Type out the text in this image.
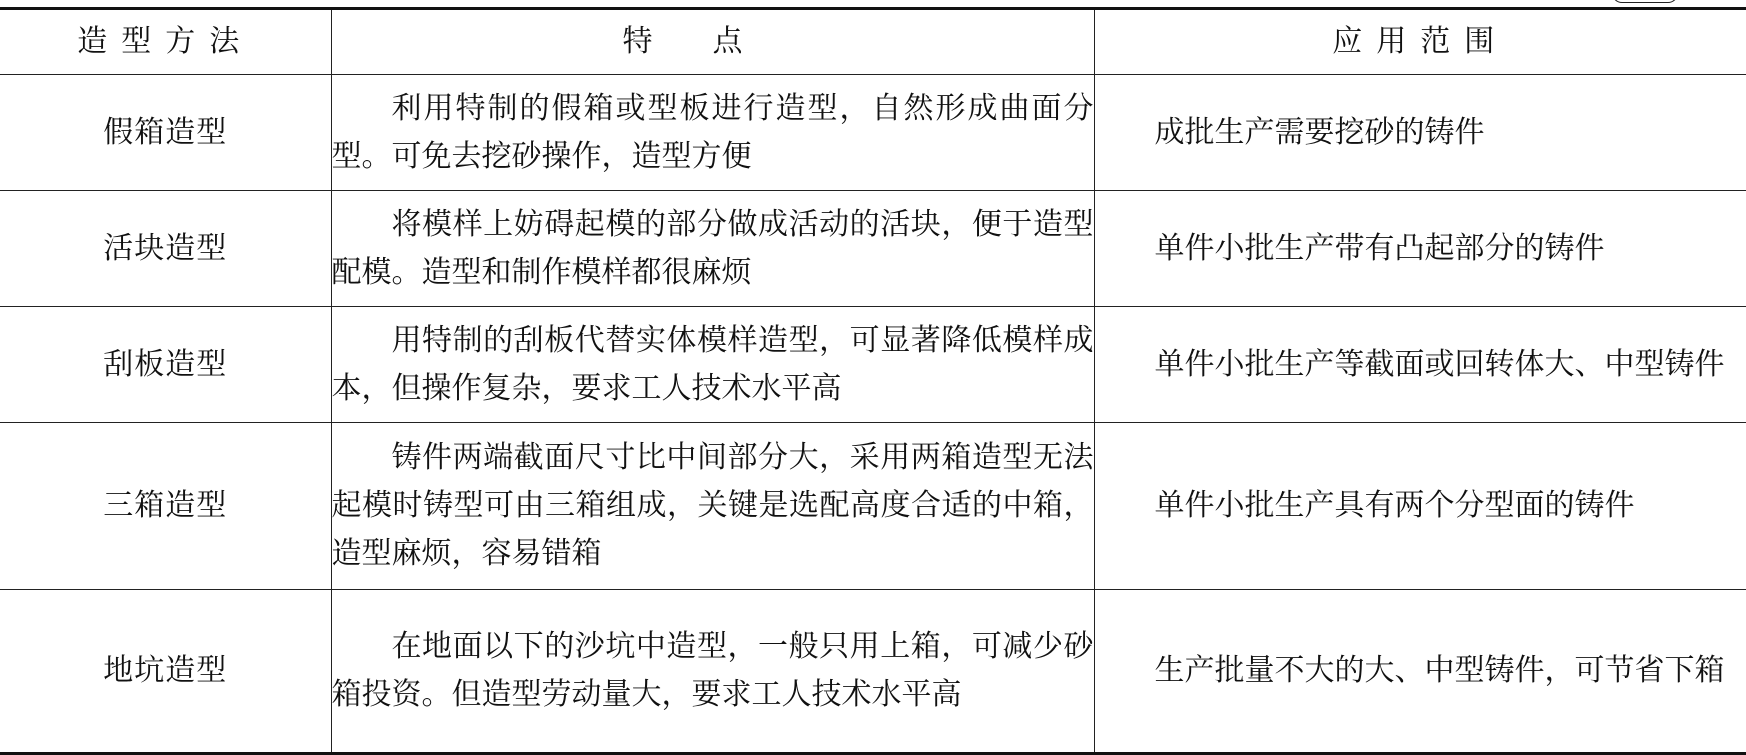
造型方法	特点	应用范围
假箱造型	利用特制的假箱或型板进行造型，自然形成曲面分型。可免去挖砂操作，造型方便	成批生产需要挖砂的铸件
活块造型	将模样上妨碍起模的部分做成活动的活块，便于造型配模。造型和制作模样都很麻烦	单件小批生产带有凸起部分的铸件
刮板造型	用特制的刮板代替实体模样造型，可显著降低模样成本，但操作复杂，要求工人技术水平高	单件小批生产等截面或回转体大、中型铸件
三箱造型	铸件两端截面尺寸比中间部分大，采用两箱造型无法起模时铸型可由三箱组成，关键是选配高度合适的中箱，造型麻烦，容易错箱	单件小批生产具有两个分型面的铸件
地坑造型	在地面以下的沙坑中造型，一般只用上箱，可减少砂箱投资。但造型劳动量大，要求工人技术水平高	生产批量不大的大、中型铸件，可节省下箱
